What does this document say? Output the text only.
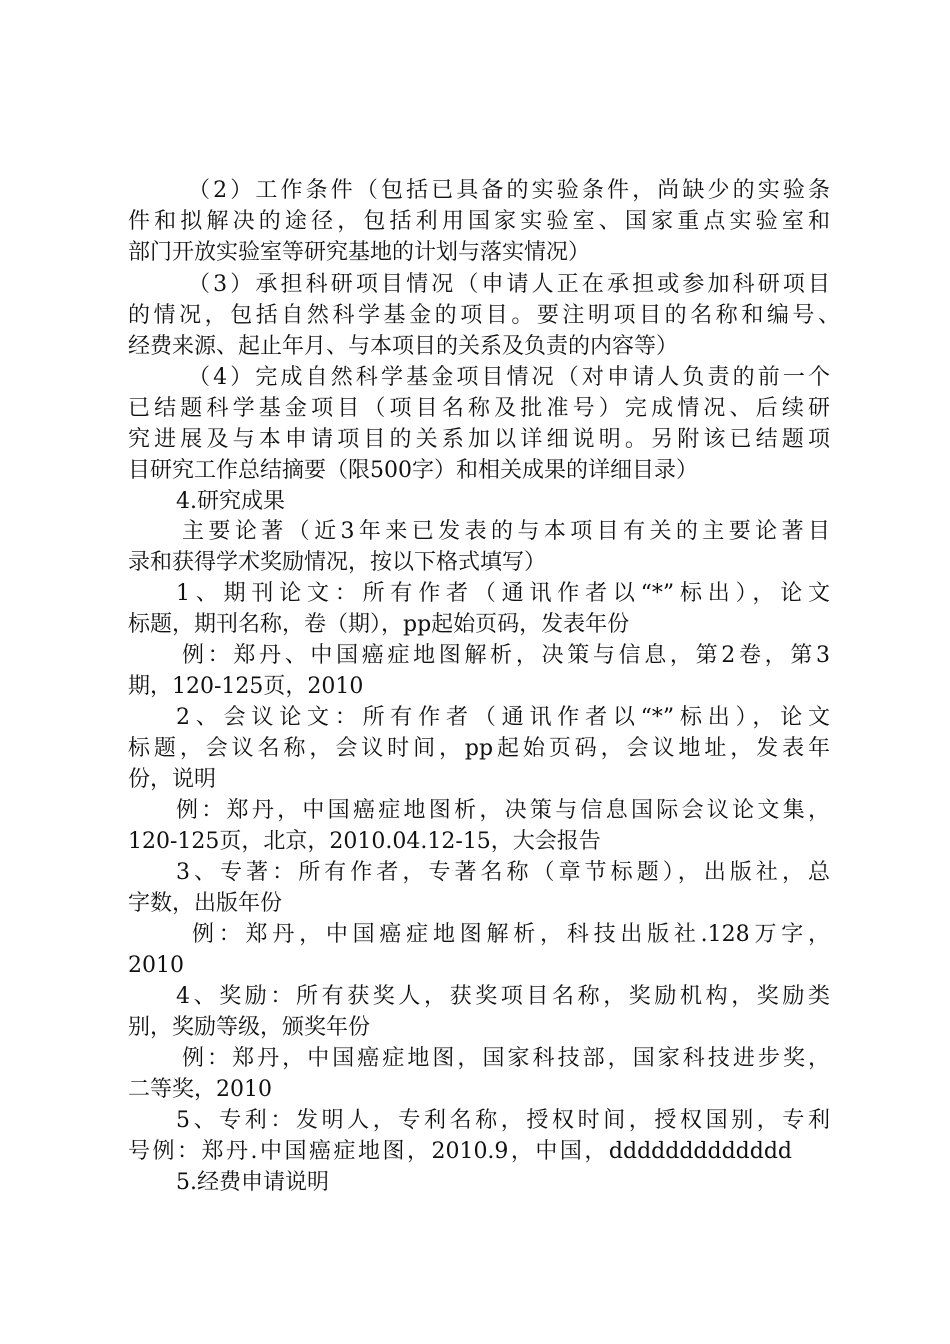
（2）工作条件（包括已具备的实验条件，尚缺少的实验条
件和拟解决的途径，包括利用国家实验室、国家重点实验室和
部门开放实验室等研究基地的计划与落实情况）
（3）承担科研项目情况（申请人正在承担或参加科研项目
的情况，包括自然科学基金的项目。要注明项目的名称和编号、
经费来源、起止年月、与本项目的关系及负责的内容等）
（4）完成自然科学基金项目情况（对申请人负责的前一个
已结题科学基金项目（项目名称及批准号）完成情况、后续研
究进展及与本申请项目的关系加以详细说明。另附该已结题项
目研究工作总结摘要（限500字）和相关成果的详细目录）
4.研究成果
主要论著（近3年来已发表的与本项目有关的主要论著目
录和获得学术奖励情况，按以下格式填写）
1、期刊论文：所有作者（通讯作者以“*”标出），论文
标题，期刊名称，卷（期），pp起始页码，发表年份
例：郑丹、中国癌症地图解析，决策与信息，第2卷，第3
期，120-125页，2010
2、会议论文：所有作者（通讯作者以“*”标出），论文
标题，会议名称，会议时间，pp起始页码，会议地址，发表年
份，说明
例：郑丹，中国癌症地图析，决策与信息国际会议论文集，
120-125页，北京，2010.04.12-15，大会报告
3、专著：所有作者，专著名称（章节标题），出版社，总
字数，出版年份
例：郑丹，中国癌症地图解析，科技出版社.128万字，
2010
4、奖励：所有获奖人，获奖项目名称，奖励机构，奖励类
别，奖励等级，颁奖年份
例：郑丹，中国癌症地图，国家科技部，国家科技进步奖，
二等奖，2010
5、专利：发明人，专利名称，授权时间，授权国别，专利
号例：郑丹.中国癌症地图，2010.9，中国，ddddddddddddd
5.经费申请说明
